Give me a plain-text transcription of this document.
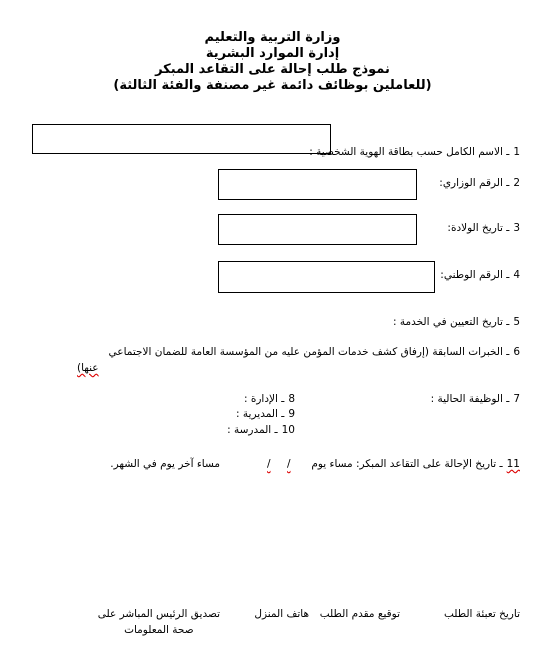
وزارة التربية والتعليم
إدارة الموارد البشرية
نموذج طلب إحالة على التقاعد المبكر
(للعاملين بوظائف دائمة غير مصنفة والفئة الثالثة)
1ـ الاسم الكامل حسب بطاقة الهوية الشخصية :
2ـ الرقم الوزاري:
3ـ تاريخ الولادة:
4ـ الرقم الوطني:
5ـ تاريخ التعيين في الخدمة :
6ـ الخبرات السابقة (إرفاق كشف خدمات المؤمن عليه من المؤسسة العامة للضمان الاجتماعي
عنها)
7ـ الوظيفة الحالية :
8ـ الإدارة :
9ـ المديرية :
10ـ المدرسة :
11ـ تاريخ الإحالة على التقاعد المبكر: مساء يوم
/
/
مساء آخر يوم في الشهر.
تاريخ تعبئة الطلب
توقيع مقدم الطلب
هاتف المنزل
تصديق الرئيس المباشر على
صحة المعلومات
